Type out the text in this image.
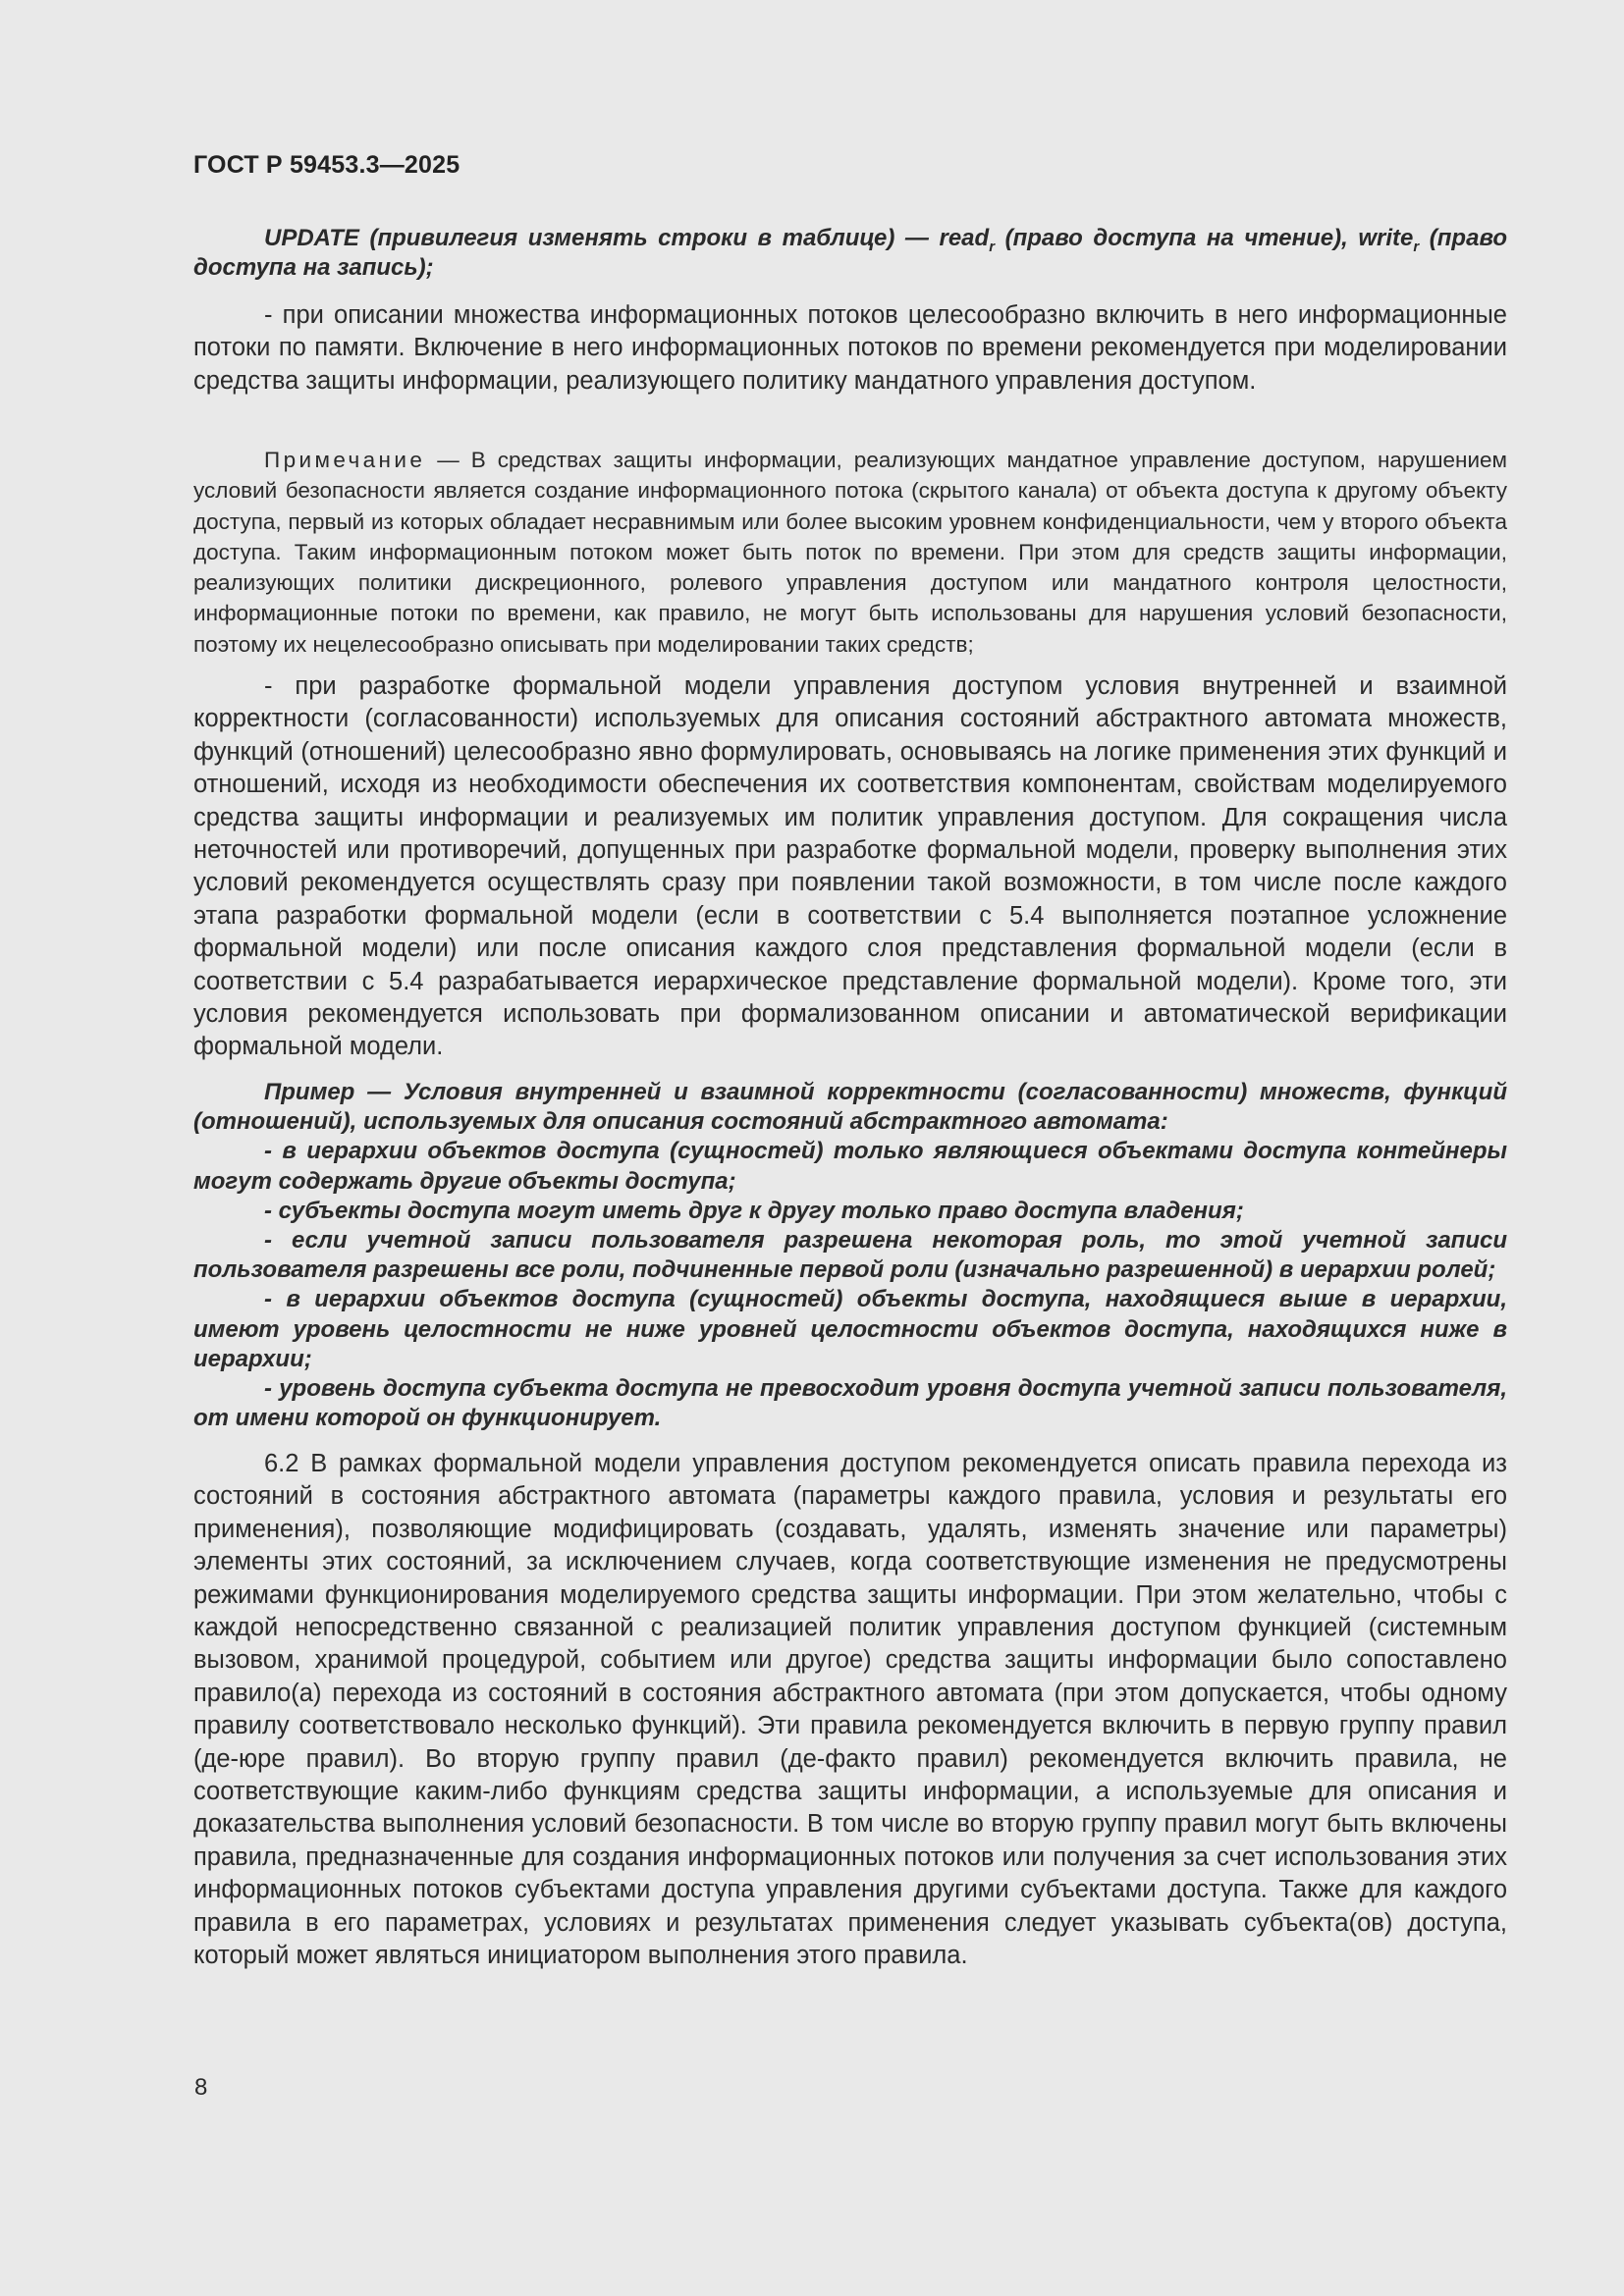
ГОСТ Р 59453.3—2025

UPDATE (привилегия изменять строки в таблице) — read$_r$ (право доступа на чтение), write$_r$ (право доступа на запись);

- при описании множества информационных потоков целесообразно включить в него информационные потоки по памяти. Включение в него информационных потоков по времени рекомендуется при моделировании средства защиты информации, реализующего политику мандатного управления доступом.

Примечание — В средствах защиты информации, реализующих мандатное управление доступом, нарушением условий безопасности является создание информационного потока (скрытого канала) от объекта доступа к другому объекту доступа, первый из которых обладает несравнимым или более высоким уровнем конфиденциальности, чем у второго объекта доступа. Таким информационным потоком может быть поток по времени. При этом для средств защиты информации, реализующих политики дискреционного, ролевого управления доступом или мандатного контроля целостности, информационные потоки по времени, как правило, не могут быть использованы для нарушения условий безопасности, поэтому их нецелесообразно описывать при моделировании таких средств;

- при разработке формальной модели управления доступом условия внутренней и взаимной корректности (согласованности) используемых для описания состояний абстрактного автомата множеств, функций (отношений) целесообразно явно формулировать, основываясь на логике применения этих функций и отношений, исходя из необходимости обеспечения их соответствия компонентам, свойствам моделируемого средства защиты информации и реализуемых им политик управления доступом. Для сокращения числа неточностей или противоречий, допущенных при разработке формальной модели, проверку выполнения этих условий рекомендуется осуществлять сразу при появлении такой возможности, в том числе после каждого этапа разработки формальной модели (если в соответствии с 5.4 выполняется поэтапное усложнение формальной модели) или после описания каждого слоя представления формальной модели (если в соответствии с 5.4 разрабатывается иерархическое представление формальной модели). Кроме того, эти условия рекомендуется использовать при формализованном описании и автоматической верификации формальной модели.

Пример — Условия внутренней и взаимной корректности (согласованности) множеств, функций (отношений), используемых для описания состояний абстрактного автомата:

- в иерархии объектов доступа (сущностей) только являющиеся объектами доступа контейнеры могут содержать другие объекты доступа;

- субъекты доступа могут иметь друг к другу только право доступа владения;

- если учетной записи пользователя разрешена некоторая роль, то этой учетной записи пользователя разрешены все роли, подчиненные первой роли (изначально разрешенной) в иерархии ролей;

- в иерархии объектов доступа (сущностей) объекты доступа, находящиеся выше в иерархии, имеют уровень целостности не ниже уровней целостности объектов доступа, находящихся ниже в иерархии;

- уровень доступа субъекта доступа не превосходит уровня доступа учетной записи пользователя, от имени которой он функционирует.

6.2 В рамках формальной модели управления доступом рекомендуется описать правила перехода из состояний в состояния абстрактного автомата (параметры каждого правила, условия и результаты его применения), позволяющие модифицировать (создавать, удалять, изменять значение или параметры) элементы этих состояний, за исключением случаев, когда соответствующие изменения не предусмотрены режимами функционирования моделируемого средства защиты информации. При этом желательно, чтобы с каждой непосредственно связанной с реализацией политик управления доступом функцией (системным вызовом, хранимой процедурой, событием или другое) средства защиты информации было сопоставлено правило(а) перехода из состояний в состояния абстрактного автомата (при этом допускается, чтобы одному правилу соответствовало несколько функций). Эти правила рекомендуется включить в первую группу правил (де-юре правил). Во вторую группу правил (де-факто правил) рекомендуется включить правила, не соответствующие каким-либо функциям средства защиты информации, а используемые для описания и доказательства выполнения условий безопасности. В том числе во вторую группу правил могут быть включены правила, предназначенные для создания информационных потоков или получения за счет использования этих информационных потоков субъектами доступа управления другими субъектами доступа. Также для каждого правила в его параметрах, условиях и результатах применения следует указывать субъекта(ов) доступа, который может являться инициатором выполнения этого правила.

8
